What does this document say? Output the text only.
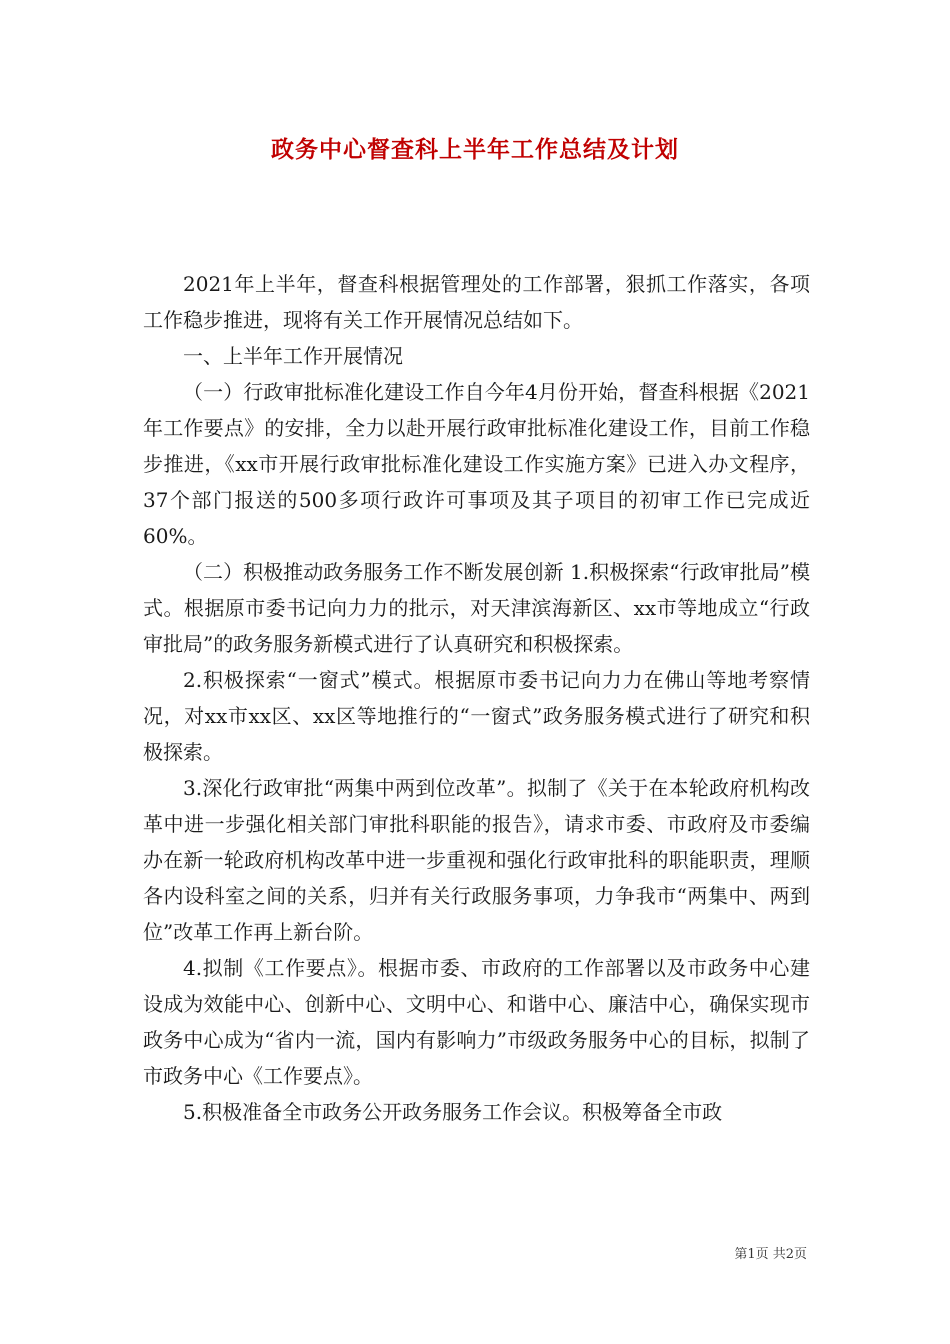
政务中心督查科上半年工作总结及计划

2021年上半年，督查科根据管理处的工作部署，狠抓工作落实，各项工作稳步推进，现将有关工作开展情况总结如下。

一、上半年工作开展情况

（一）行政审批标准化建设工作自今年4月份开始，督查科根据《2021年工作要点》的安排，全力以赴开展行政审批标准化建设工作，目前工作稳步推进，《xx市开展行政审批标准化建设工作实施方案》已进入办文程序，37个部门报送的500多项行政许可事项及其子项目的初审工作已完成近60%。

（二）积极推动政务服务工作不断发展创新 1.积极探索“行政审批局”模式。根据原市委书记向力力的批示，对天津滨海新区、xx市等地成立“行政审批局”的政务服务新模式进行了认真研究和积极探索。

2.积极探索“一窗式”模式。根据原市委书记向力力在佛山等地考察情况，对xx市xx区、xx区等地推行的“一窗式”政务服务模式进行了研究和积极探索。

3.深化行政审批“两集中两到位改革”。拟制了《关于在本轮政府机构改革中进一步强化相关部门审批科职能的报告》，请求市委、市政府及市委编办在新一轮政府机构改革中进一步重视和强化行政审批科的职能职责，理顺各内设科室之间的关系，归并有关行政服务事项，力争我市“两集中、两到位”改革工作再上新台阶。

4.拟制《工作要点》。根据市委、市政府的工作部署以及市政务中心建设成为效能中心、创新中心、文明中心、和谐中心、廉洁中心，确保实现市政务中心成为“省内一流，国内有影响力”市级政务服务中心的目标，拟制了市政务中心《工作要点》。

5.积极准备全市政务公开政务服务工作会议。积极筹备全市政

第1页 共2页
